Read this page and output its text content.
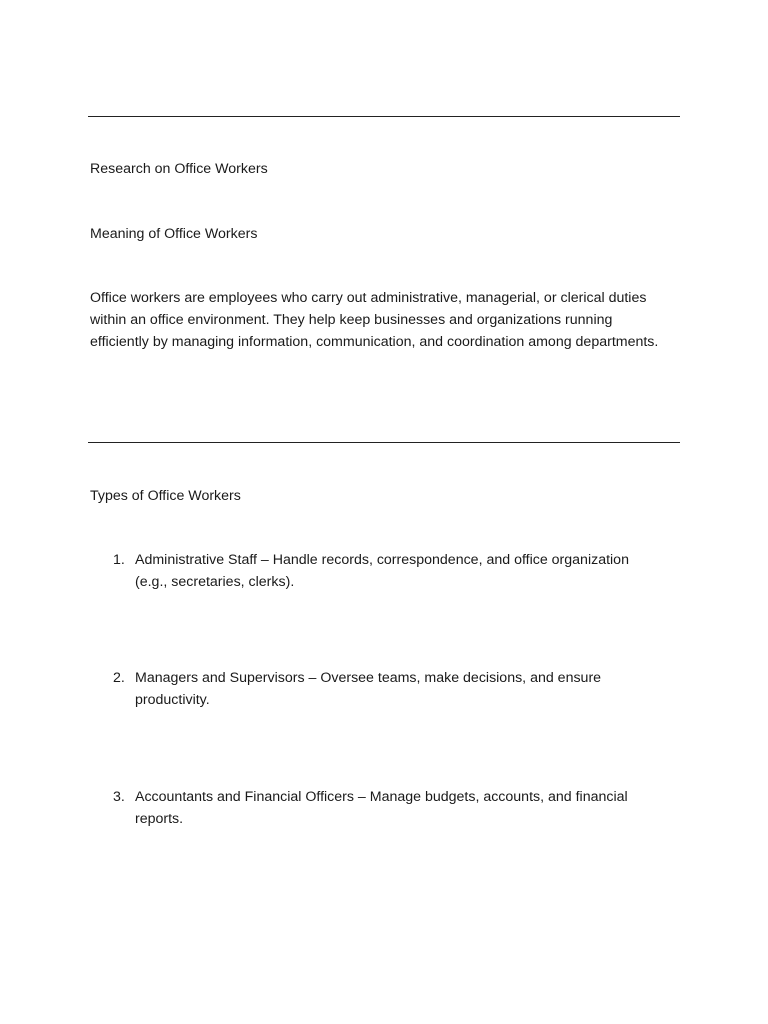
Research on Office Workers

Meaning of Office Workers

Office workers are employees who carry out administrative, managerial, or clerical duties within an office environment. They help keep businesses and organizations running efficiently by managing information, communication, and coordination among departments.

Types of Office Workers

1. Administrative Staff – Handle records, correspondence, and office organization (e.g., secretaries, clerks).
2. Managers and Supervisors – Oversee teams, make decisions, and ensure productivity.
3. Accountants and Financial Officers – Manage budgets, accounts, and financial reports.
